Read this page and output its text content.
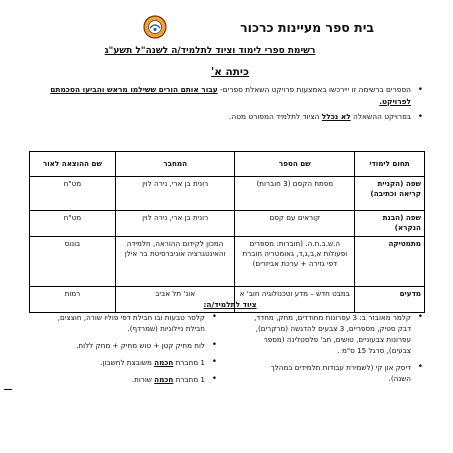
בית ספר מעיינות כרכור
רשימת ספרי לימוד וציוד לתלמיד/ה לשנה"ל תשע"ג
כיתה א'
• הספרים ברשימה זו ייירכשו באמצעות פרויקט השאלת ספרים- עבור אותם הורים ששילמו מראש והביעו הסכמתם לפרויקט.
• בפרויקט ההשאלה לא נכלל הציוד לתלמיד המפורט מטה.
תחום לימודי	שם הספר	המחבר	שם ההוצאה לאור
שפה (הקניית קריאה וכתיבה)	מפתח הקסם (3 חוברות)	רונית בן ארי, נירה לוין	מט"ח
שפה (הבנת הנקרא)	קוראים עם קסם	רונית בן ארי, נירה לוין	מט"ח
מתמטיקה	ה.ש.ב.ח.ה. (חוברות: מספרים ופעולות א,ב,ג,ד, גאומטריה חוברת דפי גזירה + ערכת אביזרים)	המכון לקידום ההוראה, חלמידה והאינטגרציה אוניברסיטת בר אילן	בונוס
מדעים	במבט חדש – מדע וטכנולוגיה חוב' א	אונ' תל אביב	רמות
ציוד לתלמיד/ה:
• קלמר מאובזר ב: 3 עפרונות מחודדים, מחק, מחדד, דבק סטיק, מספריים, 3 צבעים להדגשה (מרקרים), עפרונות צבעוניים, טושים, חב' פלסטלינה (מספר צבעים), סרגל 15 ס"מ .
• דיסק און קי (לשמירת עבודות תלמידים במהלך השנה).
• קלסר טבעות ובו חבילת דפי פוליו שורה, חוצצים, חבילת ניילוניות (שמרדף).
• לוח מחיק קטן + טוש מחיק + מחק ללוח.
• 1 מחברת חכמה משובצת לחשבון.
• 1 מחברת חכמה שורות.
